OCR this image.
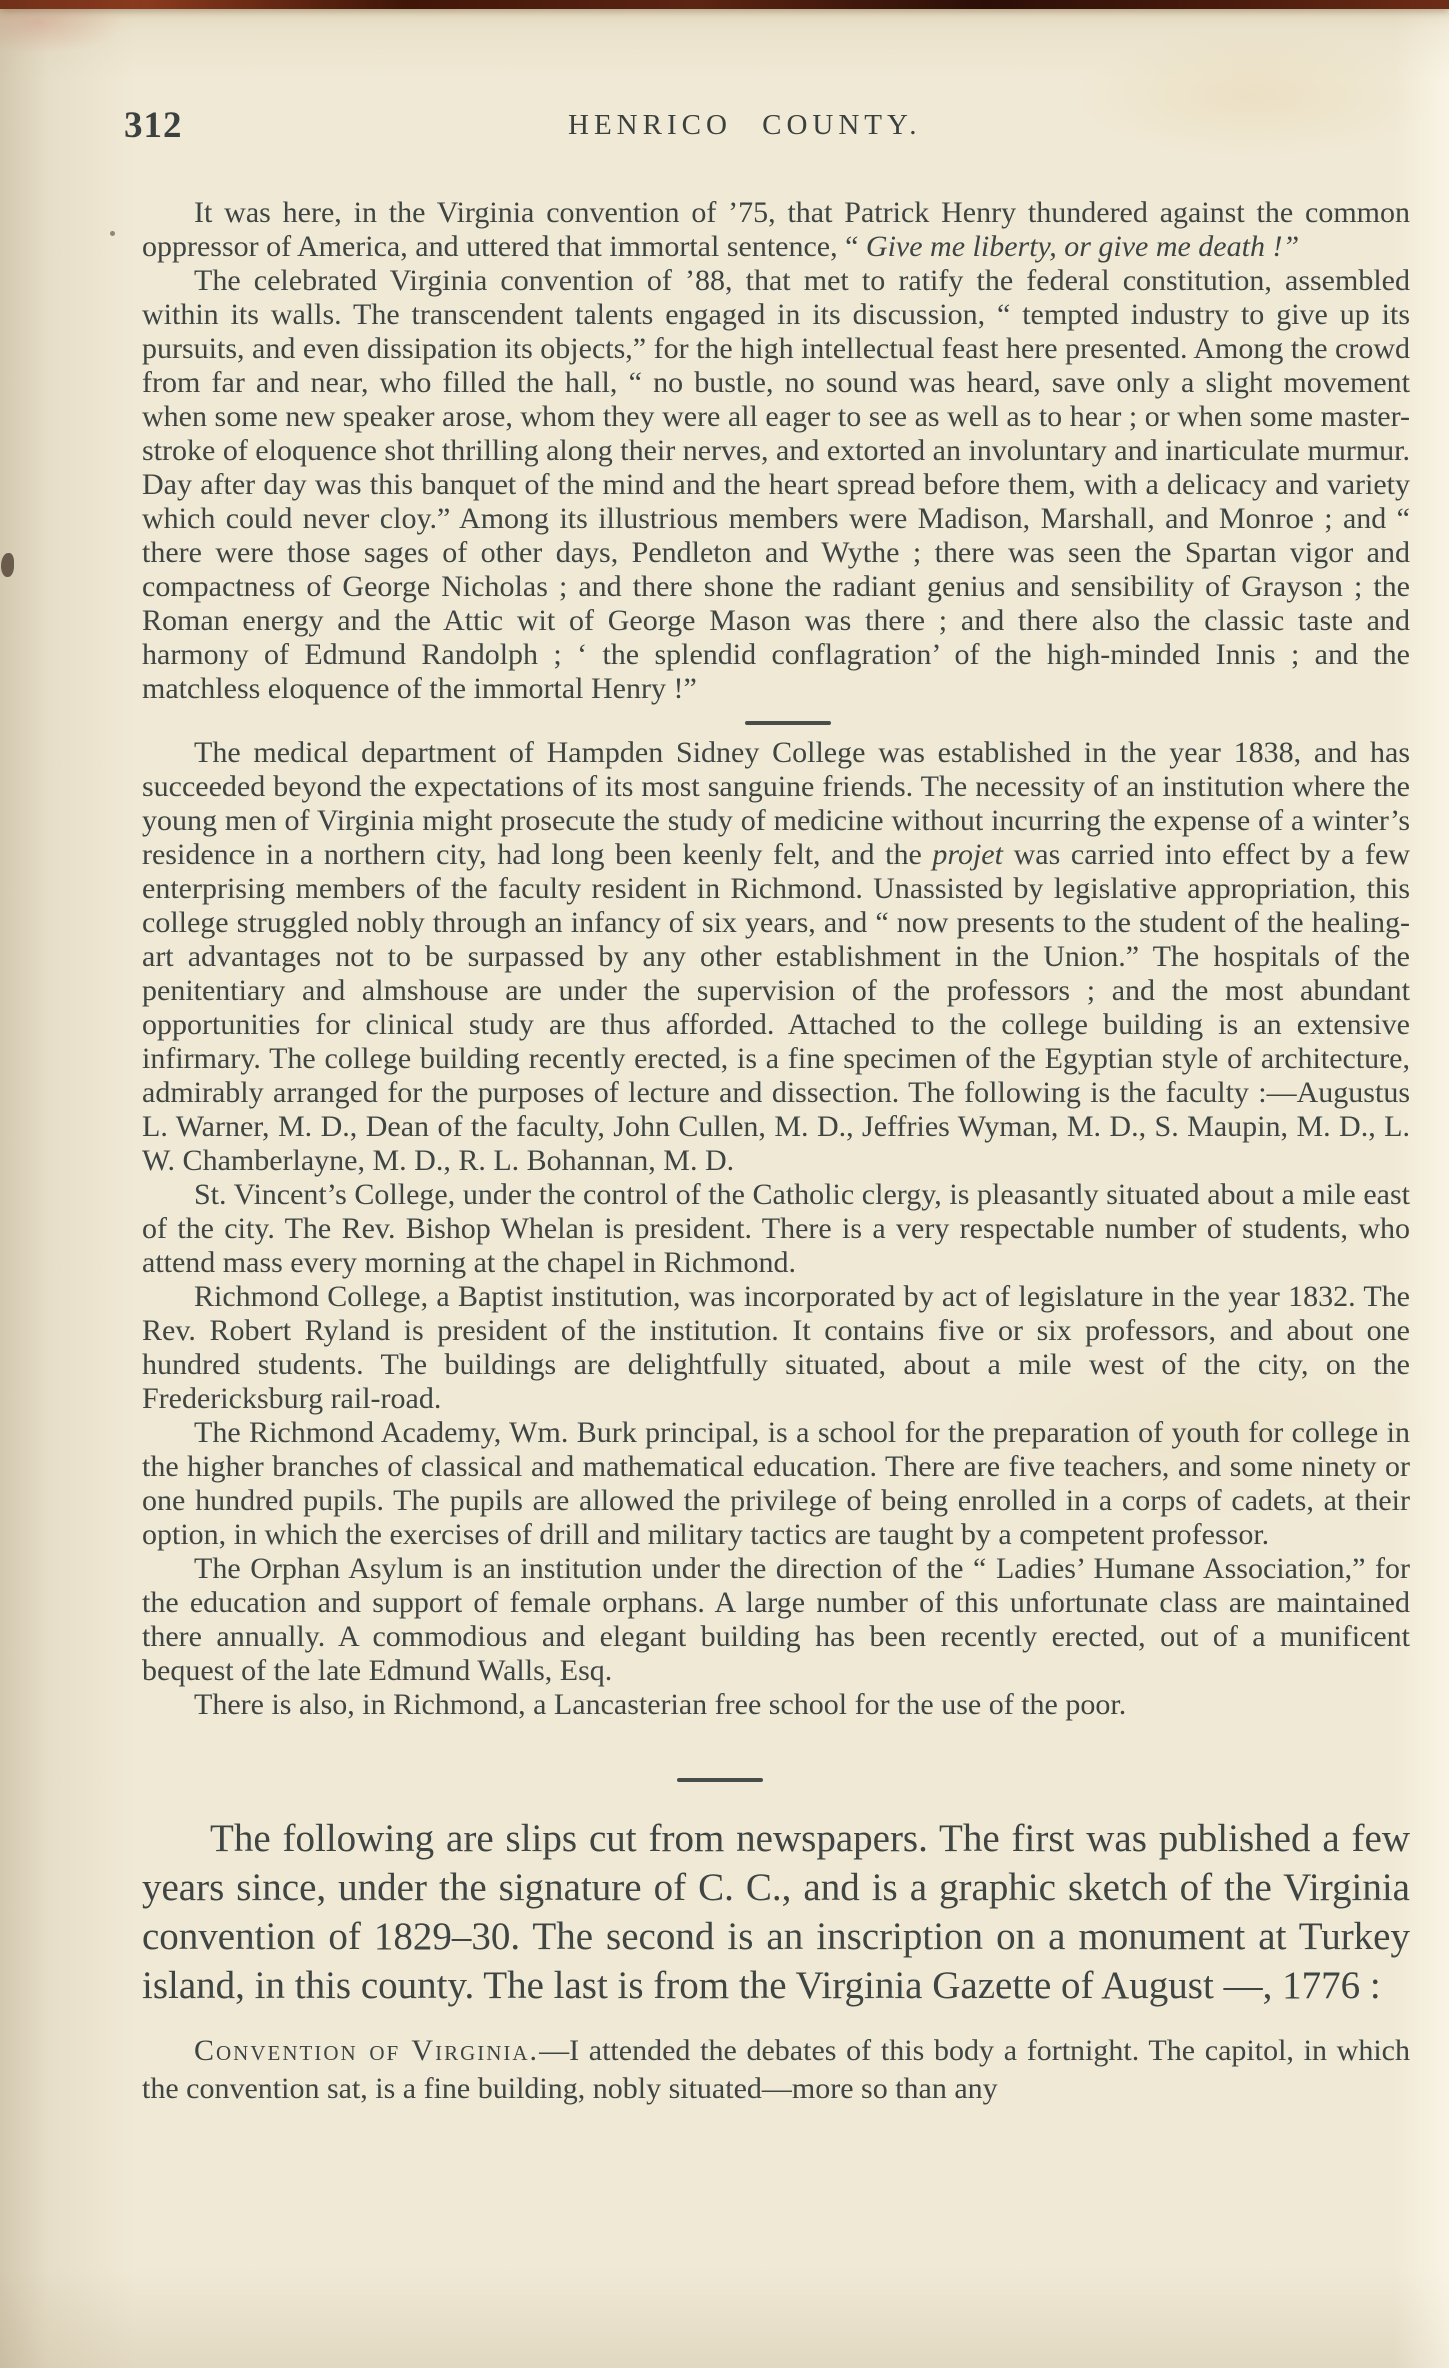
312	HENRICO COUNTY.

It was here, in the Virginia convention of ’75, that Patrick Henry thundered against the common oppressor of America, and uttered that immortal sentence, “ Give me liberty, or give me death !”

The celebrated Virginia convention of ’88, that met to ratify the federal constitution, assembled within its walls. The transcendent talents engaged in its discussion, “ tempted industry to give up its pursuits, and even dissipation its objects,” for the high intellectual feast here presented. Among the crowd from far and near, who filled the hall, “ no bustle, no sound was heard, save only a slight movement when some new speaker arose, whom they were all eager to see as well as to hear ; or when some master-stroke of eloquence shot thrilling along their nerves, and extorted an involuntary and inarticulate murmur. Day after day was this banquet of the mind and the heart spread before them, with a delicacy and variety which could never cloy.” Among its illustrious members were Madison, Marshall, and Monroe ; and “ there were those sages of other days, Pendleton and Wythe ; there was seen the Spartan vigor and compactness of George Nicholas ; and there shone the radiant genius and sensibility of Grayson ; the Roman energy and the Attic wit of George Mason was there ; and there also the classic taste and harmony of Edmund Randolph ; ‘ the splendid conflagration’ of the high-minded Innis ; and the matchless eloquence of the immortal Henry !”

The medical department of Hampden Sidney College was established in the year 1838, and has succeeded beyond the expectations of its most sanguine friends. The necessity of an institution where the young men of Virginia might prosecute the study of medicine without incurring the expense of a winter’s residence in a northern city, had long been keenly felt, and the projet was carried into effect by a few enterprising members of the faculty resident in Richmond. Unassisted by legislative appropriation, this college struggled nobly through an infancy of six years, and “ now presents to the student of the healing-art advantages not to be surpassed by any other establishment in the Union.” The hospitals of the penitentiary and almshouse are under the supervision of the professors ; and the most abundant opportunities for clinical study are thus afforded. Attached to the college building is an extensive infirmary. The college building recently erected, is a fine specimen of the Egyptian style of architecture, admirably arranged for the purposes of lecture and dissection. The following is the faculty :—Augustus L. Warner, M. D., Dean of the faculty, John Cullen, M. D., Jeffries Wyman, M. D., S. Maupin, M. D., L. W. Chamberlayne, M. D., R. L. Bohannan, M. D.

St. Vincent’s College, under the control of the Catholic clergy, is pleasantly situated about a mile east of the city. The Rev. Bishop Whelan is president. There is a very respectable number of students, who attend mass every morning at the chapel in Richmond.

Richmond College, a Baptist institution, was incorporated by act of legislature in the year 1832. The Rev. Robert Ryland is president of the institution. It contains five or six professors, and about one hundred students. The buildings are delightfully situated, about a mile west of the city, on the Fredericksburg rail-road.

The Richmond Academy, Wm. Burk principal, is a school for the preparation of youth for college in the higher branches of classical and mathematical education. There are five teachers, and some ninety or one hundred pupils. The pupils are allowed the privilege of being enrolled in a corps of cadets, at their option, in which the exercises of drill and military tactics are taught by a competent professor.

The Orphan Asylum is an institution under the direction of the “ Ladies’ Humane Association,” for the education and support of female orphans. A large number of this unfortunate class are maintained there annually. A commodious and elegant building has been recently erected, out of a munificent bequest of the late Edmund Walls, Esq.

There is also, in Richmond, a Lancasterian free school for the use of the poor.

The following are slips cut from newspapers. The first was published a few years since, under the signature of C. C., and is a graphic sketch of the Virginia convention of 1829–30. The second is an inscription on a monument at Turkey island, in this county. The last is from the Virginia Gazette of August —, 1776 :

Convention of Virginia.—I attended the debates of this body a fortnight. The capitol, in which the convention sat, is a fine building, nobly situated—more so than any
